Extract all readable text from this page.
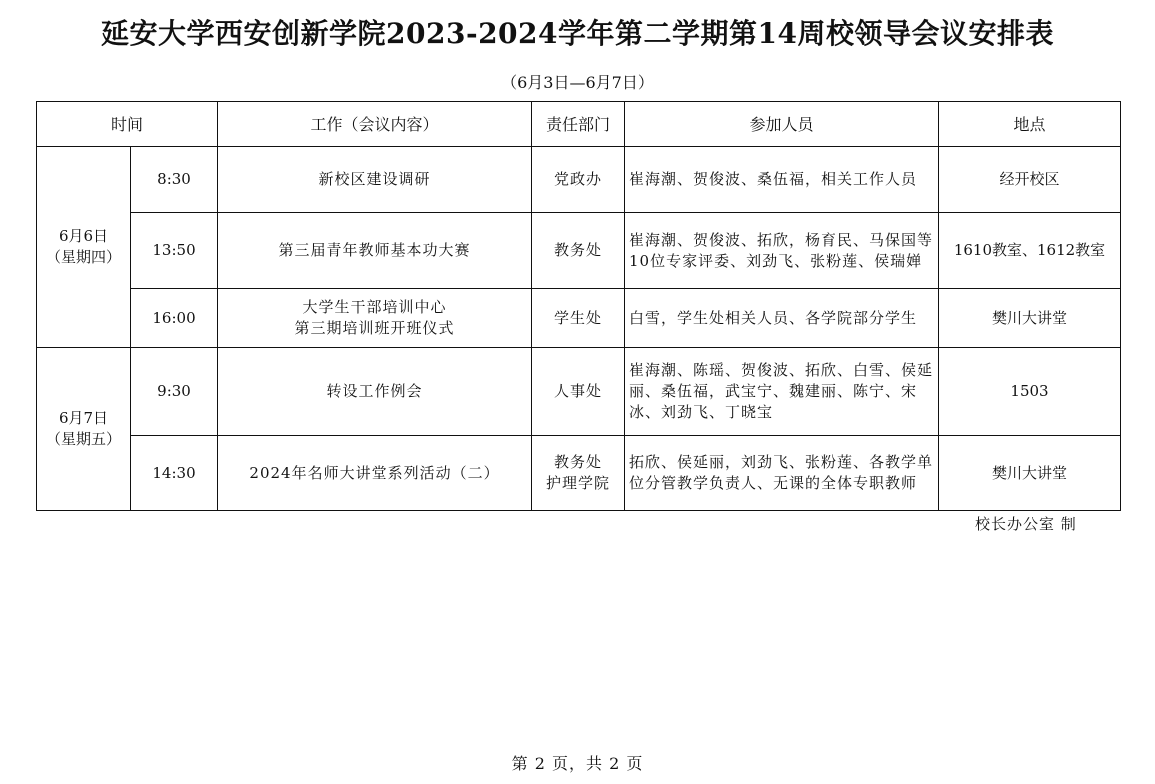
延安大学西安创新学院2023-2024学年第二学期第14周校领导会议安排表
（6月3日—6月7日）
时间		工作（会议内容）	责任部门	参加人员	地点

6月6日
（星期四）	8:30	新校区建设调研	党政办	崔海潮、贺俊波、桑伍福，相关工作人员	经开校区
	13:50	第三届青年教师基本功大赛	教务处	崔海潮、贺俊波、拓欣，杨育民、马保国等10位专家评委、刘劲飞、张粉莲、侯瑞婵	1610教室、1612教室
	16:00	大学生干部培训中心
第三期培训班开班仪式	学生处	白雪，学生处相关人员、各学院部分学生	樊川大讲堂

6月7日
（星期五）	9:30	转设工作例会	人事处	崔海潮、陈瑶、贺俊波、拓欣、白雪、侯延丽、桑伍福，武宝宁、魏建丽、陈宁、宋冰、刘劲飞、丁晓宝	1503
	14:30	2024年名师大讲堂系列活动（二）	教务处
护理学院	拓欣、侯延丽，刘劲飞、张粉莲、各教学单位分管教学负责人、无课的全体专职教师	樊川大讲堂
校长办公室 制
第 2 页，共 2 页
